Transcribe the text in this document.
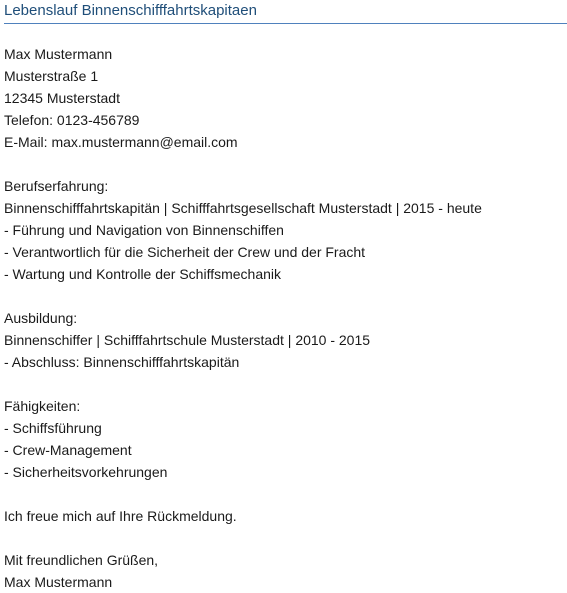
Lebenslauf Binnenschifffahrtskapitaen
Max Mustermann
Musterstraße 1
12345 Musterstadt
Telefon: 0123-456789
E-Mail: max.mustermann@email.com
Berufserfahrung:
Binnenschifffahrtskapitän | Schifffahrtsgesellschaft Musterstadt | 2015 - heute
- Führung und Navigation von Binnenschiffen
- Verantwortlich für die Sicherheit der Crew und der Fracht
- Wartung und Kontrolle der Schiffsmechanik
Ausbildung:
Binnenschiffer | Schifffahrtschule Musterstadt | 2010 - 2015
- Abschluss: Binnenschifffahrtskapitän
Fähigkeiten:
- Schiffsführung
- Crew-Management
- Sicherheitsvorkehrungen
Ich freue mich auf Ihre Rückmeldung.
Mit freundlichen Grüßen,
Max Mustermann
